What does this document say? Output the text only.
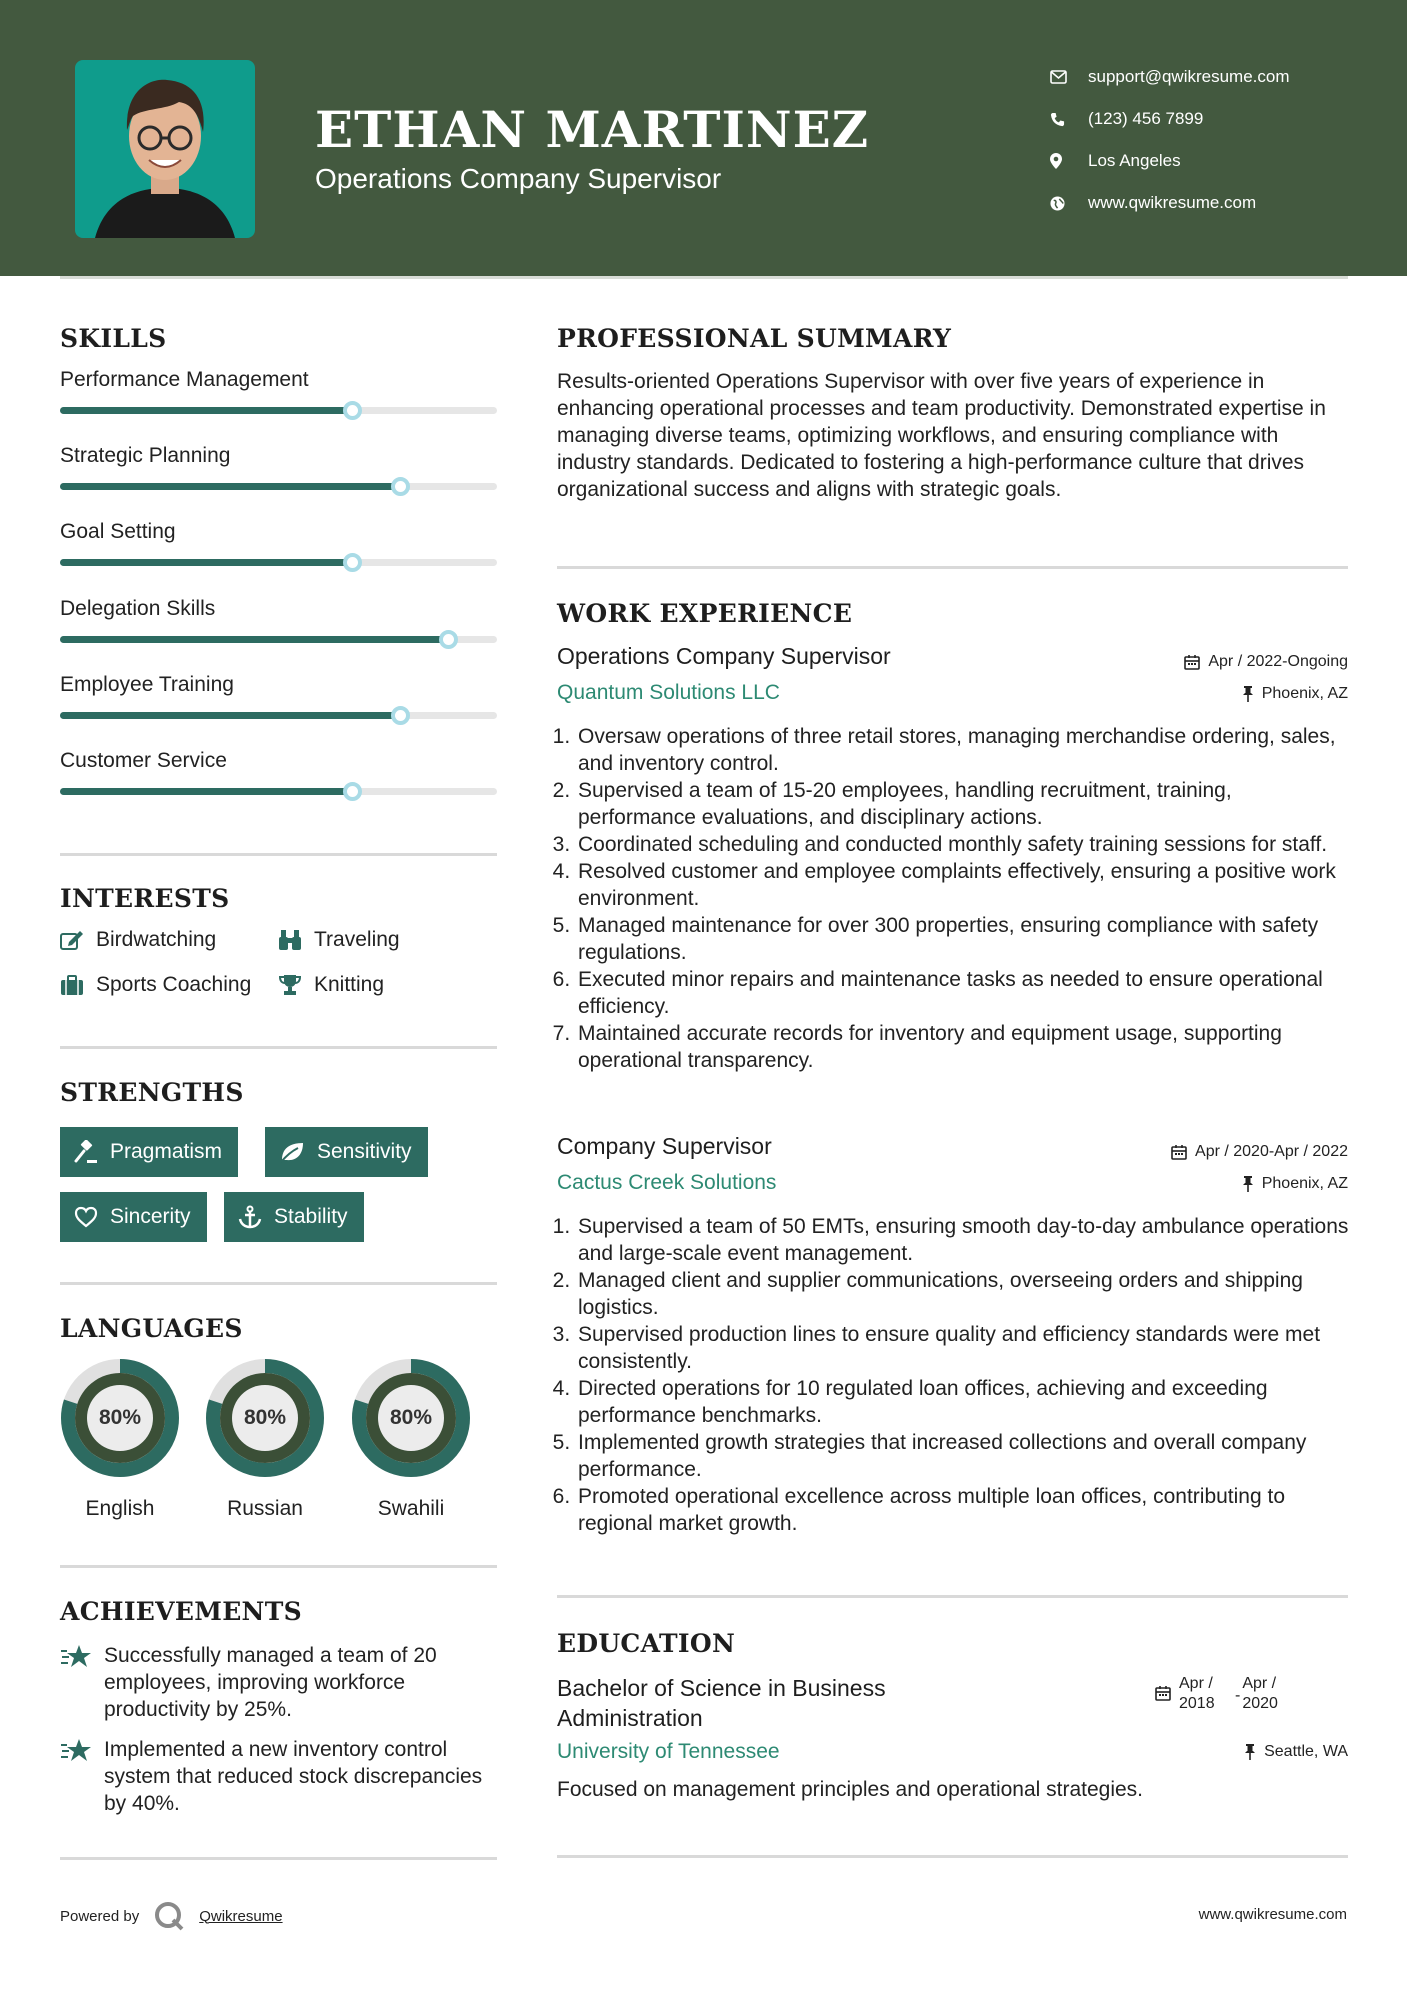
ETHAN MARTINEZ
Operations Company Supervisor
support@qwikresume.com
(123) 456 7899
Los Angeles
www.qwikresume.com
SKILLS
Performance Management
Strategic Planning
Goal Setting
Delegation Skills
Employee Training
Customer Service
INTERESTS
Birdwatching	Traveling
Sports Coaching	Knitting
STRENGTHS
Pragmatism	Sensitivity
Sincerity	Stability
LANGUAGES
80%
English
80%
Russian
80%
Swahili
ACHIEVEMENTS
Successfully managed a team of 20 employees, improving workforce productivity by 25%.
Implemented a new inventory control system that reduced stock discrepancies by 40%.
PROFESSIONAL SUMMARY
Results-oriented Operations Supervisor with over five years of experience in enhancing operational processes and team productivity. Demonstrated expertise in managing diverse teams, optimizing workflows, and ensuring compliance with industry standards. Dedicated to fostering a high-performance culture that drives organizational success and aligns with strategic goals.
WORK EXPERIENCE
Operations Company Supervisor	Apr / 2022-Ongoing
Quantum Solutions LLC	Phoenix, AZ
1. Oversaw operations of three retail stores, managing merchandise ordering, sales, and inventory control.
2. Supervised a team of 15-20 employees, handling recruitment, training, performance evaluations, and disciplinary actions.
3. Coordinated scheduling and conducted monthly safety training sessions for staff.
4. Resolved customer and employee complaints effectively, ensuring a positive work environment.
5. Managed maintenance for over 300 properties, ensuring compliance with safety regulations.
6. Executed minor repairs and maintenance tasks as needed to ensure operational efficiency.
7. Maintained accurate records for inventory and equipment usage, supporting operational transparency.
Company Supervisor	Apr / 2020-Apr / 2022
Cactus Creek Solutions	Phoenix, AZ
1. Supervised a team of 50 EMTs, ensuring smooth day-to-day ambulance operations and large-scale event management.
2. Managed client and supplier communications, overseeing orders and shipping logistics.
3. Supervised production lines to ensure quality and efficiency standards were met consistently.
4. Directed operations for 10 regulated loan offices, achieving and exceeding performance benchmarks.
5. Implemented growth strategies that increased collections and overall company performance.
6. Promoted operational excellence across multiple loan offices, contributing to regional market growth.
EDUCATION
Bachelor of Science in Business Administration
Apr / 2018	-
Apr / 2020
University of Tennessee	Seattle, WA
Focused on management principles and operational strategies.
Powered by	Qwikresume	www.qwikresume.com
